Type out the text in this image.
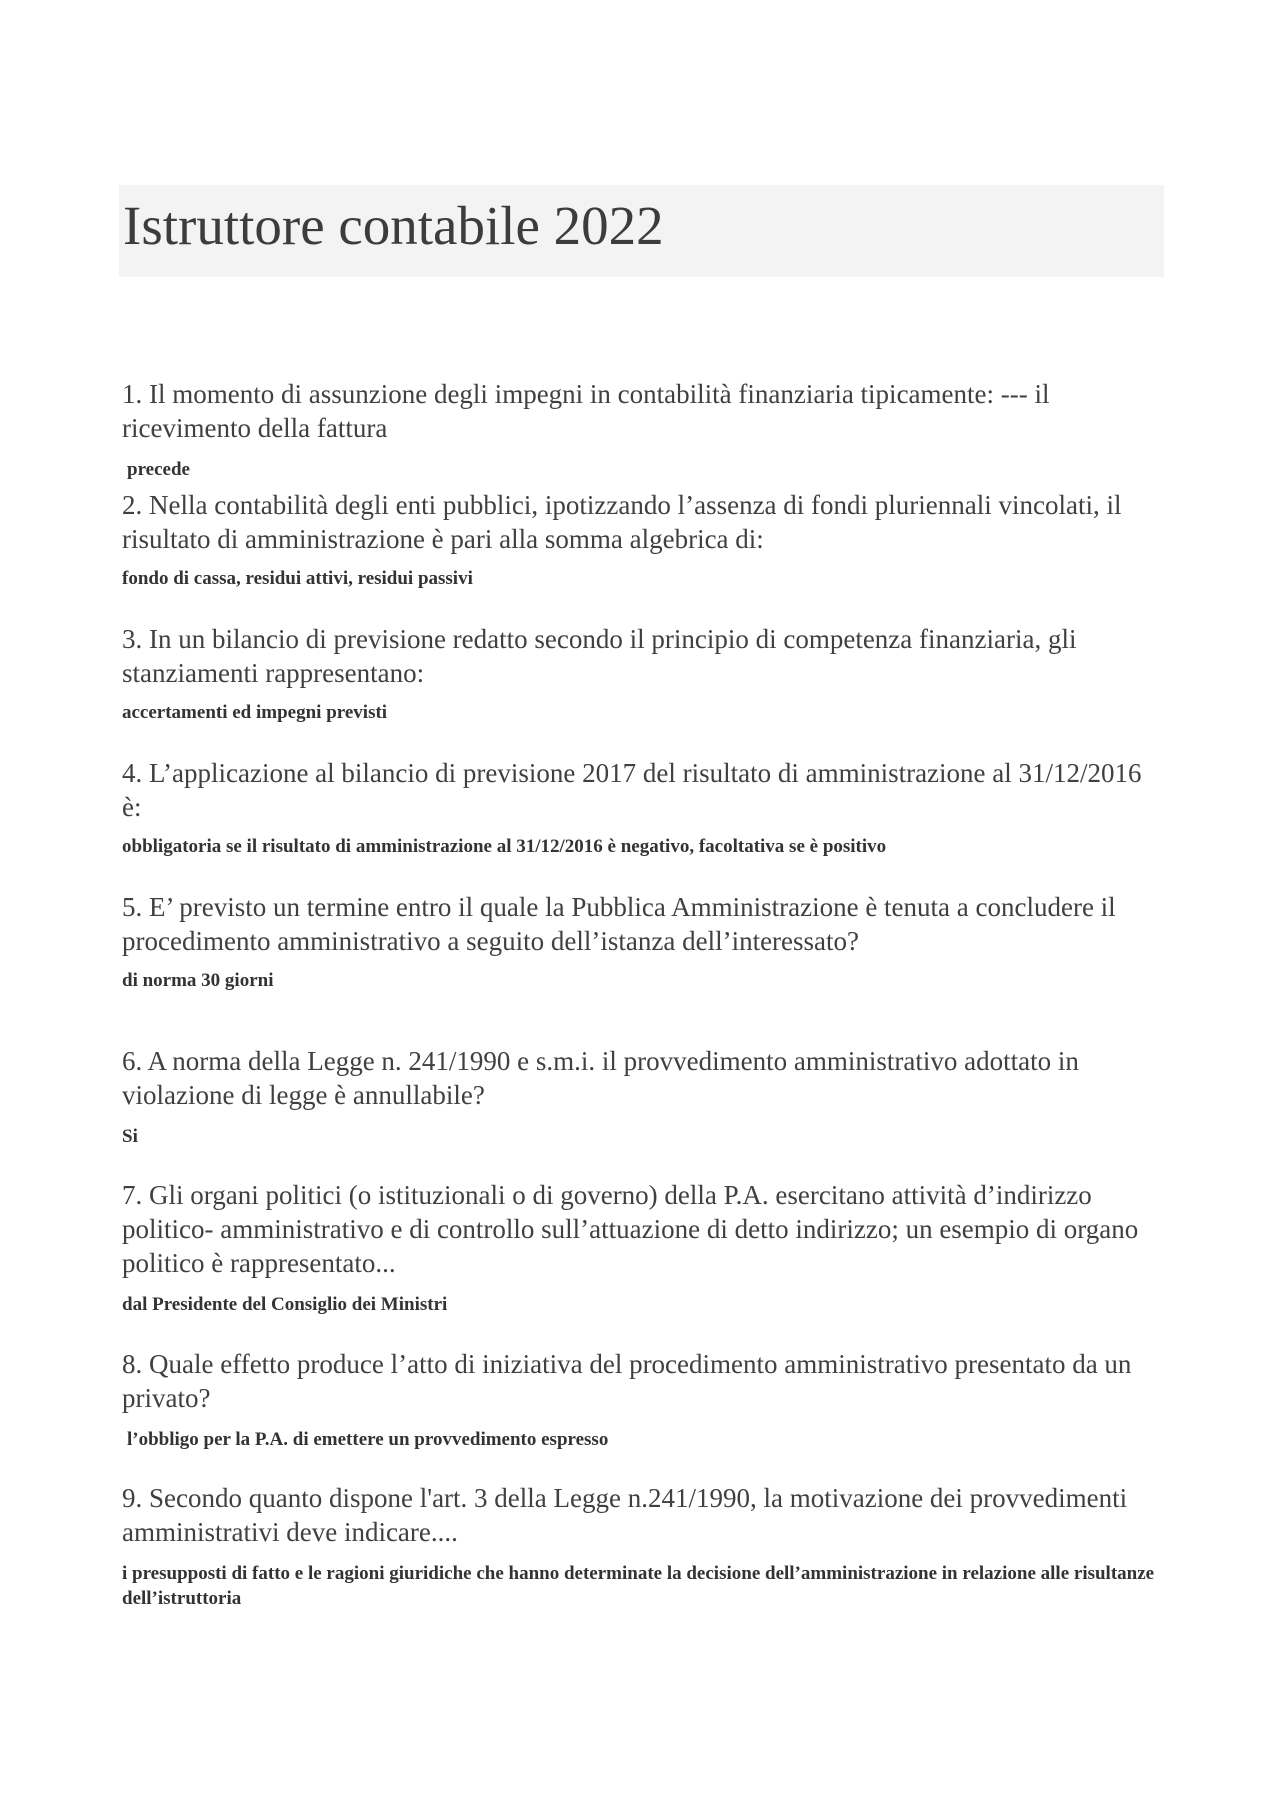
Istruttore contabile 2022

1. Il momento di assunzione degli impegni in contabilità finanziaria tipicamente: --- il ricevimento della fattura

precede

2. Nella contabilità degli enti pubblici, ipotizzando l’assenza di fondi pluriennali vincolati, il risultato di amministrazione è pari alla somma algebrica di:

fondo di cassa, residui attivi, residui passivi

3. In un bilancio di previsione redatto secondo il principio di competenza finanziaria, gli stanziamenti rappresentano:

accertamenti ed impegni previsti

4. L’applicazione al bilancio di previsione 2017 del risultato di amministrazione al 31/12/2016 è:

obbligatoria se il risultato di amministrazione al 31/12/2016 è negativo, facoltativa se è positivo

5. E’ previsto un termine entro il quale la Pubblica Amministrazione è tenuta a concludere il procedimento amministrativo a seguito dell’istanza dell’interessato?

di norma 30 giorni

6. A norma della Legge n. 241/1990 e s.m.i. il provvedimento amministrativo adottato in violazione di legge è annullabile?

Si

7. Gli organi politici (o istituzionali o di governo) della P.A. esercitano attività d’indirizzo politico- amministrativo e di controllo sull’attuazione di detto indirizzo; un esempio di organo politico è rappresentato...

dal Presidente del Consiglio dei Ministri

8. Quale effetto produce l’atto di iniziativa del procedimento amministrativo presentato da un privato?

l’obbligo per la P.A. di emettere un provvedimento espresso

9. Secondo quanto dispone l'art. 3 della Legge n.241/1990, la motivazione dei provvedimenti amministrativi deve indicare....

i presupposti di fatto e le ragioni giuridiche che hanno determinate la decisione dell’amministrazione in relazione alle risultanze dell’istruttoria
